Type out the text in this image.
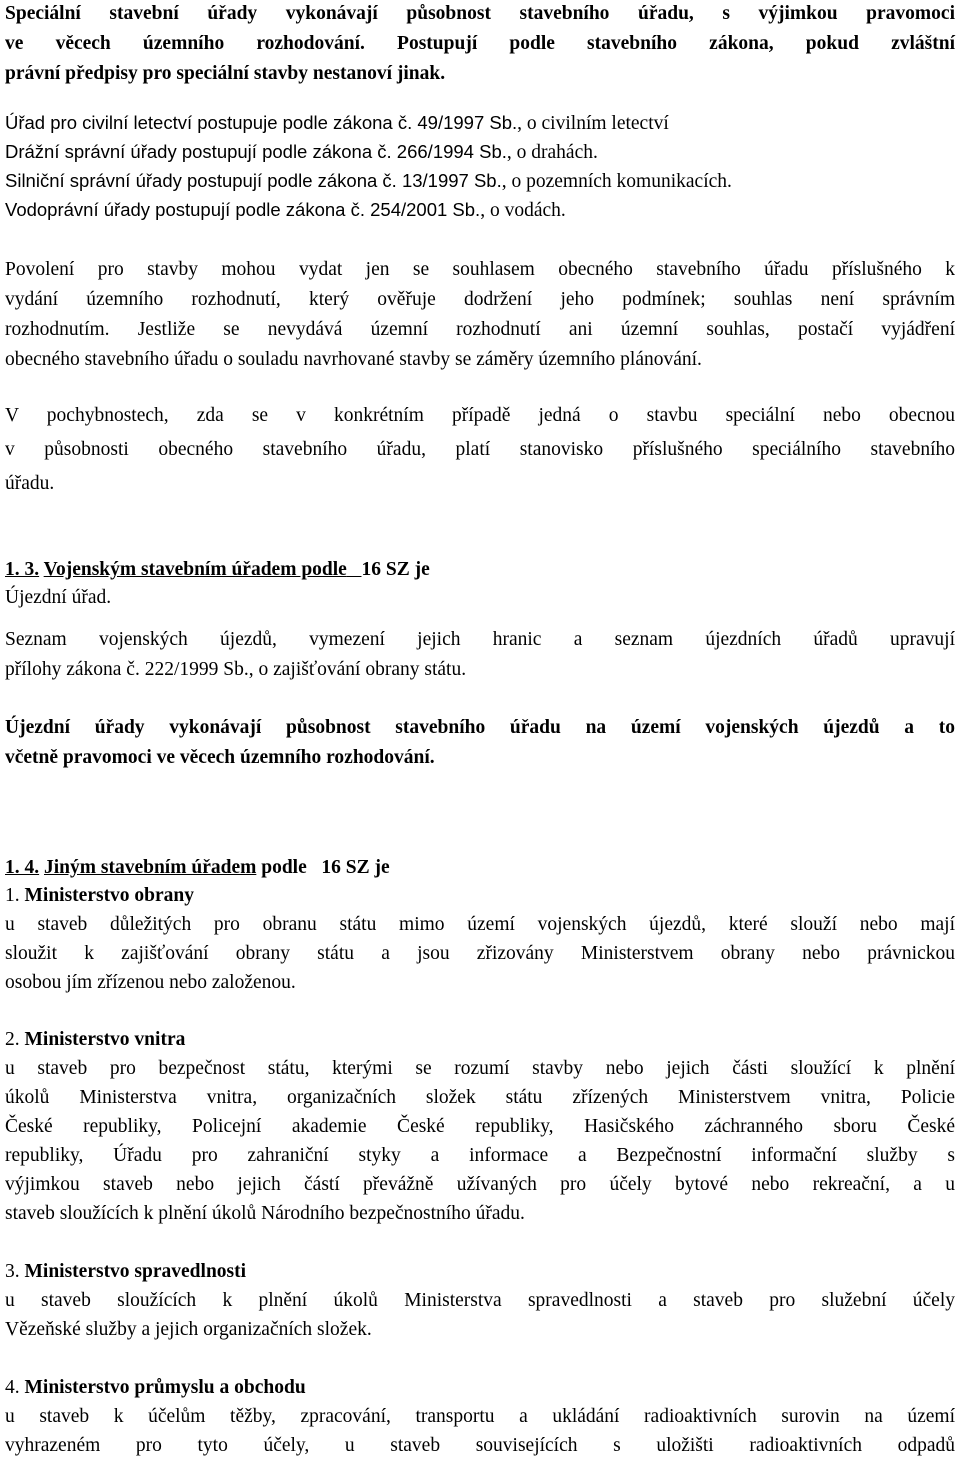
Speciální stavební úřady vykonávají působnost stavebního úřadu, s výjimkou pravomoci
ve věcech územního rozhodování. Postupují podle stavebního zákona, pokud zvláštní
právní předpisy pro speciální stavby nestanoví jinak.
Úřad pro civilní letectví postupuje podle zákona č. 49/1997 Sb., o civilním letectví
Drážní správní úřady postupují podle zákona č. 266/1994 Sb., o drahách.
Silniční správní úřady postupují podle zákona č. 13/1997 Sb., o pozemních komunikacích.
Vodoprávní úřady postupují podle zákona č. 254/2001 Sb., o vodách.
Povolení pro stavby mohou vydat jen se souhlasem obecného stavebního úřadu příslušného k
vydání územního rozhodnutí, který ověřuje dodržení jeho podmínek; souhlas není správním
rozhodnutím. Jestliže se nevydává územní rozhodnutí ani územní souhlas, postačí vyjádření
obecného stavebního úřadu o souladu navrhované stavby se záměry územního plánování.
V pochybnostech, zda se v konkrétním případě jedná o stavbu speciální nebo obecnou
v působnosti obecného stavebního úřadu, platí stanovisko příslušného speciálního stavebního
úřadu.
1. 3. Vojenským stavebním úřadem podle 16 SZ je
Újezdní úřad.
Seznam vojenských újezdů, vymezení jejich hranic a seznam újezdních úřadů upravují
přílohy zákona č. 222/1999 Sb., o zajišťování obrany státu.
Újezdní úřady vykonávají působnost stavebního úřadu na území vojenských újezdů a to
včetně pravomoci ve věcech územního rozhodování.
1. 4. Jiným stavebním úřadem podle 16 SZ je
1. Ministerstvo obrany
u staveb důležitých pro obranu státu mimo území vojenských újezdů, které slouží nebo mají
sloužit k zajišťování obrany státu a jsou zřizovány Ministerstvem obrany nebo právnickou
osobou jím zřízenou nebo založenou.
2. Ministerstvo vnitra
u staveb pro bezpečnost státu, kterými se rozumí stavby nebo jejich části sloužící k plnění
úkolů Ministerstva vnitra, organizačních složek státu zřízených Ministerstvem vnitra, Policie
České republiky, Policejní akademie České republiky, Hasičského záchranného sboru České
republiky, Úřadu pro zahraniční styky a informace a Bezpečnostní informační služby s
výjimkou staveb nebo jejich částí převážně užívaných pro účely bytové nebo rekreační, a u
staveb sloužících k plnění úkolů Národního bezpečnostního úřadu.
3. Ministerstvo spravedlnosti
u staveb sloužících k plnění úkolů Ministerstva spravedlnosti a staveb pro služební účely
Vězeňské služby a jejich organizačních složek.
4. Ministerstvo průmyslu a obchodu
u staveb k účelům těžby, zpracování, transportu a ukládání radioaktivních surovin na území
vyhrazeném pro tyto účely, u staveb souvisejících s uložišti radioaktivních odpadů
